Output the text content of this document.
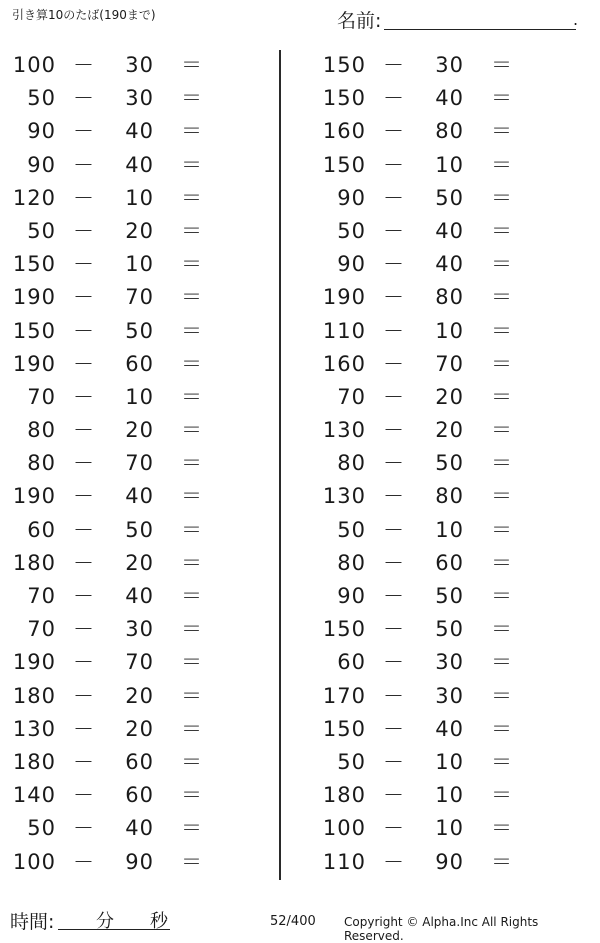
引き算10のたば(190まで)	名前:	.
100 －	30 ＝
50 －	30 ＝
90 －	40 ＝
90 －	40 ＝
120 －	10 ＝
50 －	20 ＝
150 －	10 ＝
190 －	70 ＝
150 －	50 ＝
190 －	60 ＝
70 －	10 ＝
80 －	20 ＝
80 －	70 ＝
190 －	40 ＝
60 －	50 ＝
180 －	20 ＝
70 －	40 ＝
70 －	30 ＝
190 －	70 ＝
180 －	20 ＝
130 －	20 ＝
180 －	60 ＝
140 －	60 ＝
50 －	40 ＝
100 －	90 ＝
150 －	30 ＝
150 －	40 ＝
160 －	80 ＝
150 －	10 ＝
90 －	50 ＝
50 －	40 ＝
90 －	40 ＝
190 －	80 ＝
110 －	10 ＝
160 －	70 ＝
70 －	20 ＝
130 －	20 ＝
80 －	50 ＝
130 －	80 ＝
50 －	10 ＝
80 －	60 ＝
90 －	50 ＝
150 －	50 ＝
60 －	30 ＝
170 －	30 ＝
150 －	40 ＝
50 －	10 ＝
180 －	10 ＝
100 －	10 ＝
110 －	90 ＝
時間: 分 秒	52/400 Copyright © Alpha.Inc All Rights Reserved.
